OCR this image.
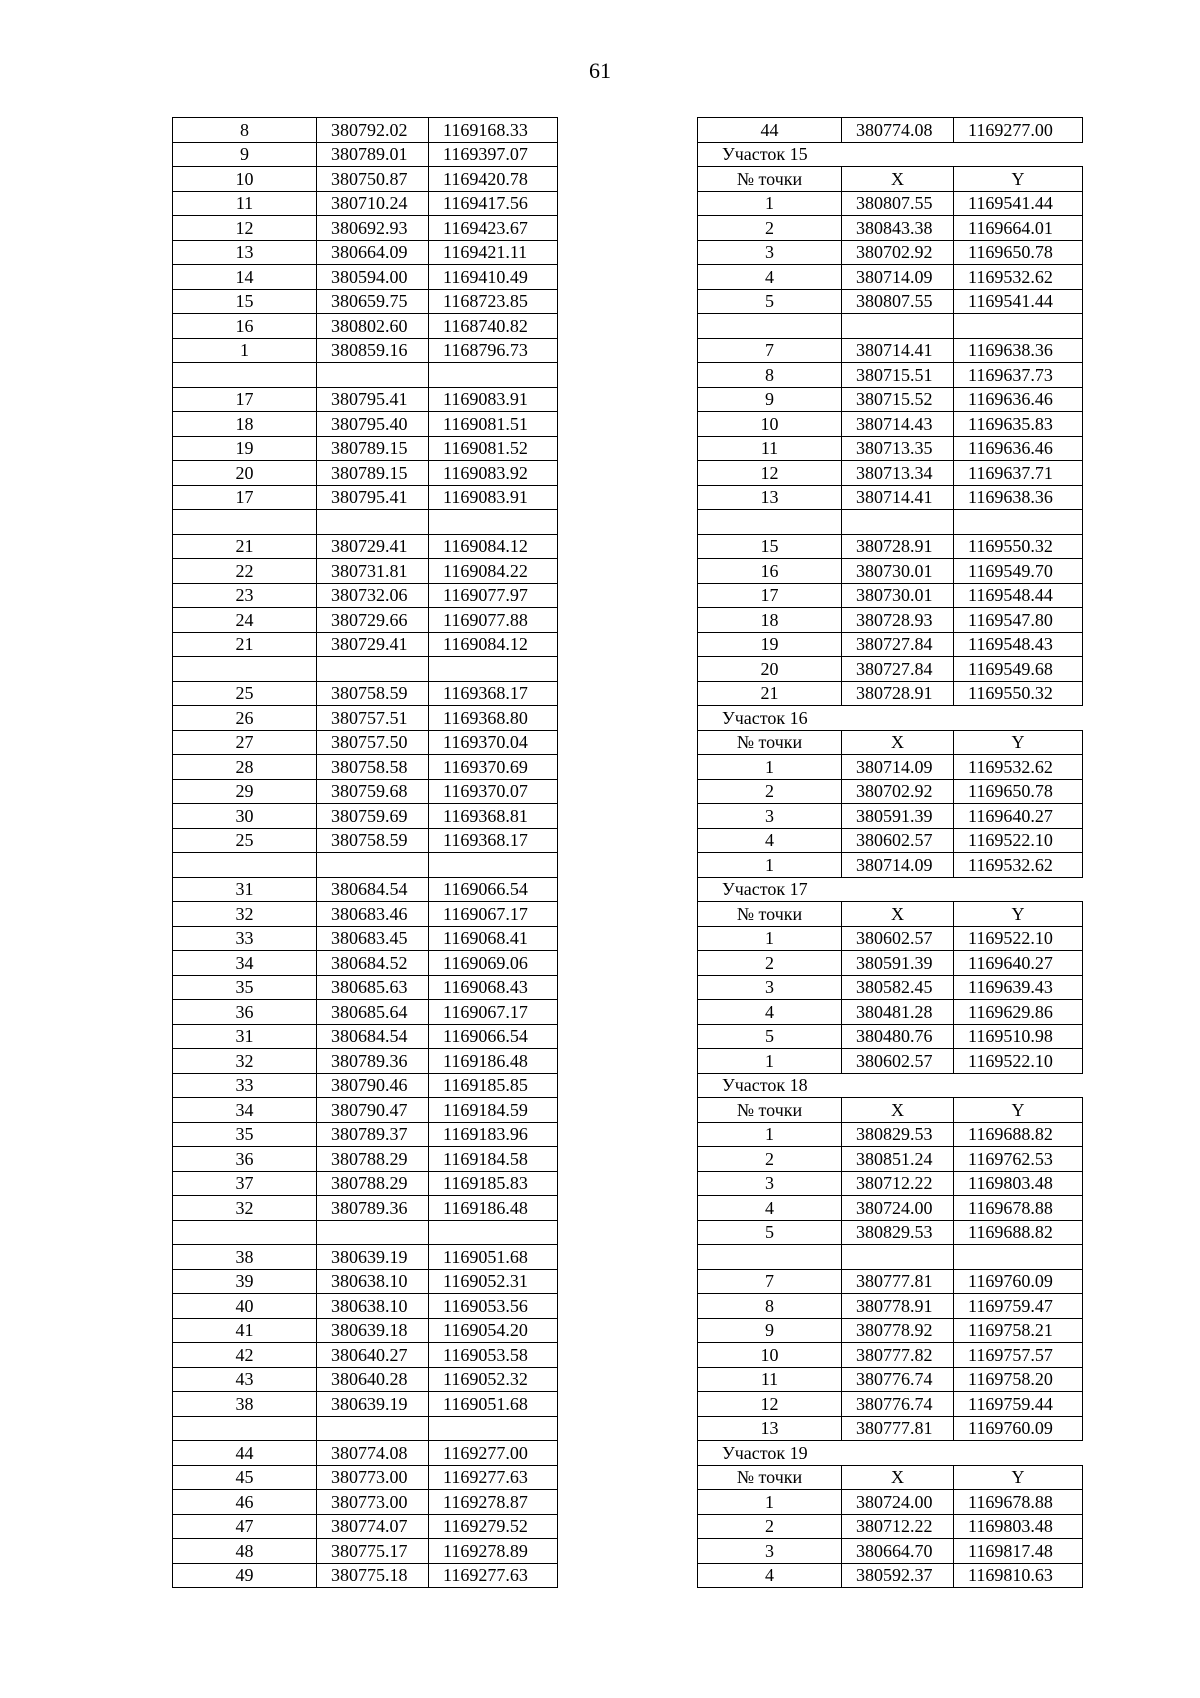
61
8	380792.02	1169168.33
9	380789.01	1169397.07
10	380750.87	1169420.78
11	380710.24	1169417.56
12	380692.93	1169423.67
13	380664.09	1169421.11
14	380594.00	1169410.49
15	380659.75	1168723.85
16	380802.60	1168740.82
1	380859.16	1168796.73

17	380795.41	1169083.91
18	380795.40	1169081.51
19	380789.15	1169081.52
20	380789.15	1169083.92
17	380795.41	1169083.91

21	380729.41	1169084.12
22	380731.81	1169084.22
23	380732.06	1169077.97
24	380729.66	1169077.88
21	380729.41	1169084.12

25	380758.59	1169368.17
26	380757.51	1169368.80
27	380757.50	1169370.04
28	380758.58	1169370.69
29	380759.68	1169370.07
30	380759.69	1169368.81
25	380758.59	1169368.17

31	380684.54	1169066.54
32	380683.46	1169067.17
33	380683.45	1169068.41
34	380684.52	1169069.06
35	380685.63	1169068.43
36	380685.64	1169067.17
31	380684.54	1169066.54
32	380789.36	1169186.48
33	380790.46	1169185.85
34	380790.47	1169184.59
35	380789.37	1169183.96
36	380788.29	1169184.58
37	380788.29	1169185.83
32	380789.36	1169186.48

38	380639.19	1169051.68
39	380638.10	1169052.31
40	380638.10	1169053.56
41	380639.18	1169054.20
42	380640.27	1169053.58
43	380640.28	1169052.32
38	380639.19	1169051.68

44	380774.08	1169277.00
45	380773.00	1169277.63
46	380773.00	1169278.87
47	380774.07	1169279.52
48	380775.17	1169278.89
49	380775.18	1169277.63
44	380774.08	1169277.00
Участок 15		
№ точки	X	Y
1	380807.55	1169541.44
2	380843.38	1169664.01
3	380702.92	1169650.78
4	380714.09	1169532.62
5	380807.55	1169541.44

7	380714.41	1169638.36
8	380715.51	1169637.73
9	380715.52	1169636.46
10	380714.43	1169635.83
11	380713.35	1169636.46
12	380713.34	1169637.71
13	380714.41	1169638.36

15	380728.91	1169550.32
16	380730.01	1169549.70
17	380730.01	1169548.44
18	380728.93	1169547.80
19	380727.84	1169548.43
20	380727.84	1169549.68
21	380728.91	1169550.32
Участок 16		
№ точки	X	Y
1	380714.09	1169532.62
2	380702.92	1169650.78
3	380591.39	1169640.27
4	380602.57	1169522.10
1	380714.09	1169532.62
Участок 17		
№ точки	X	Y
1	380602.57	1169522.10
2	380591.39	1169640.27
3	380582.45	1169639.43
4	380481.28	1169629.86
5	380480.76	1169510.98
1	380602.57	1169522.10
Участок 18		
№ точки	X	Y
1	380829.53	1169688.82
2	380851.24	1169762.53
3	380712.22	1169803.48
4	380724.00	1169678.88
5	380829.53	1169688.82

7	380777.81	1169760.09
8	380778.91	1169759.47
9	380778.92	1169758.21
10	380777.82	1169757.57
11	380776.74	1169758.20
12	380776.74	1169759.44
13	380777.81	1169760.09
Участок 19		
№ точки	X	Y
1	380724.00	1169678.88
2	380712.22	1169803.48
3	380664.70	1169817.48
4	380592.37	1169810.63
